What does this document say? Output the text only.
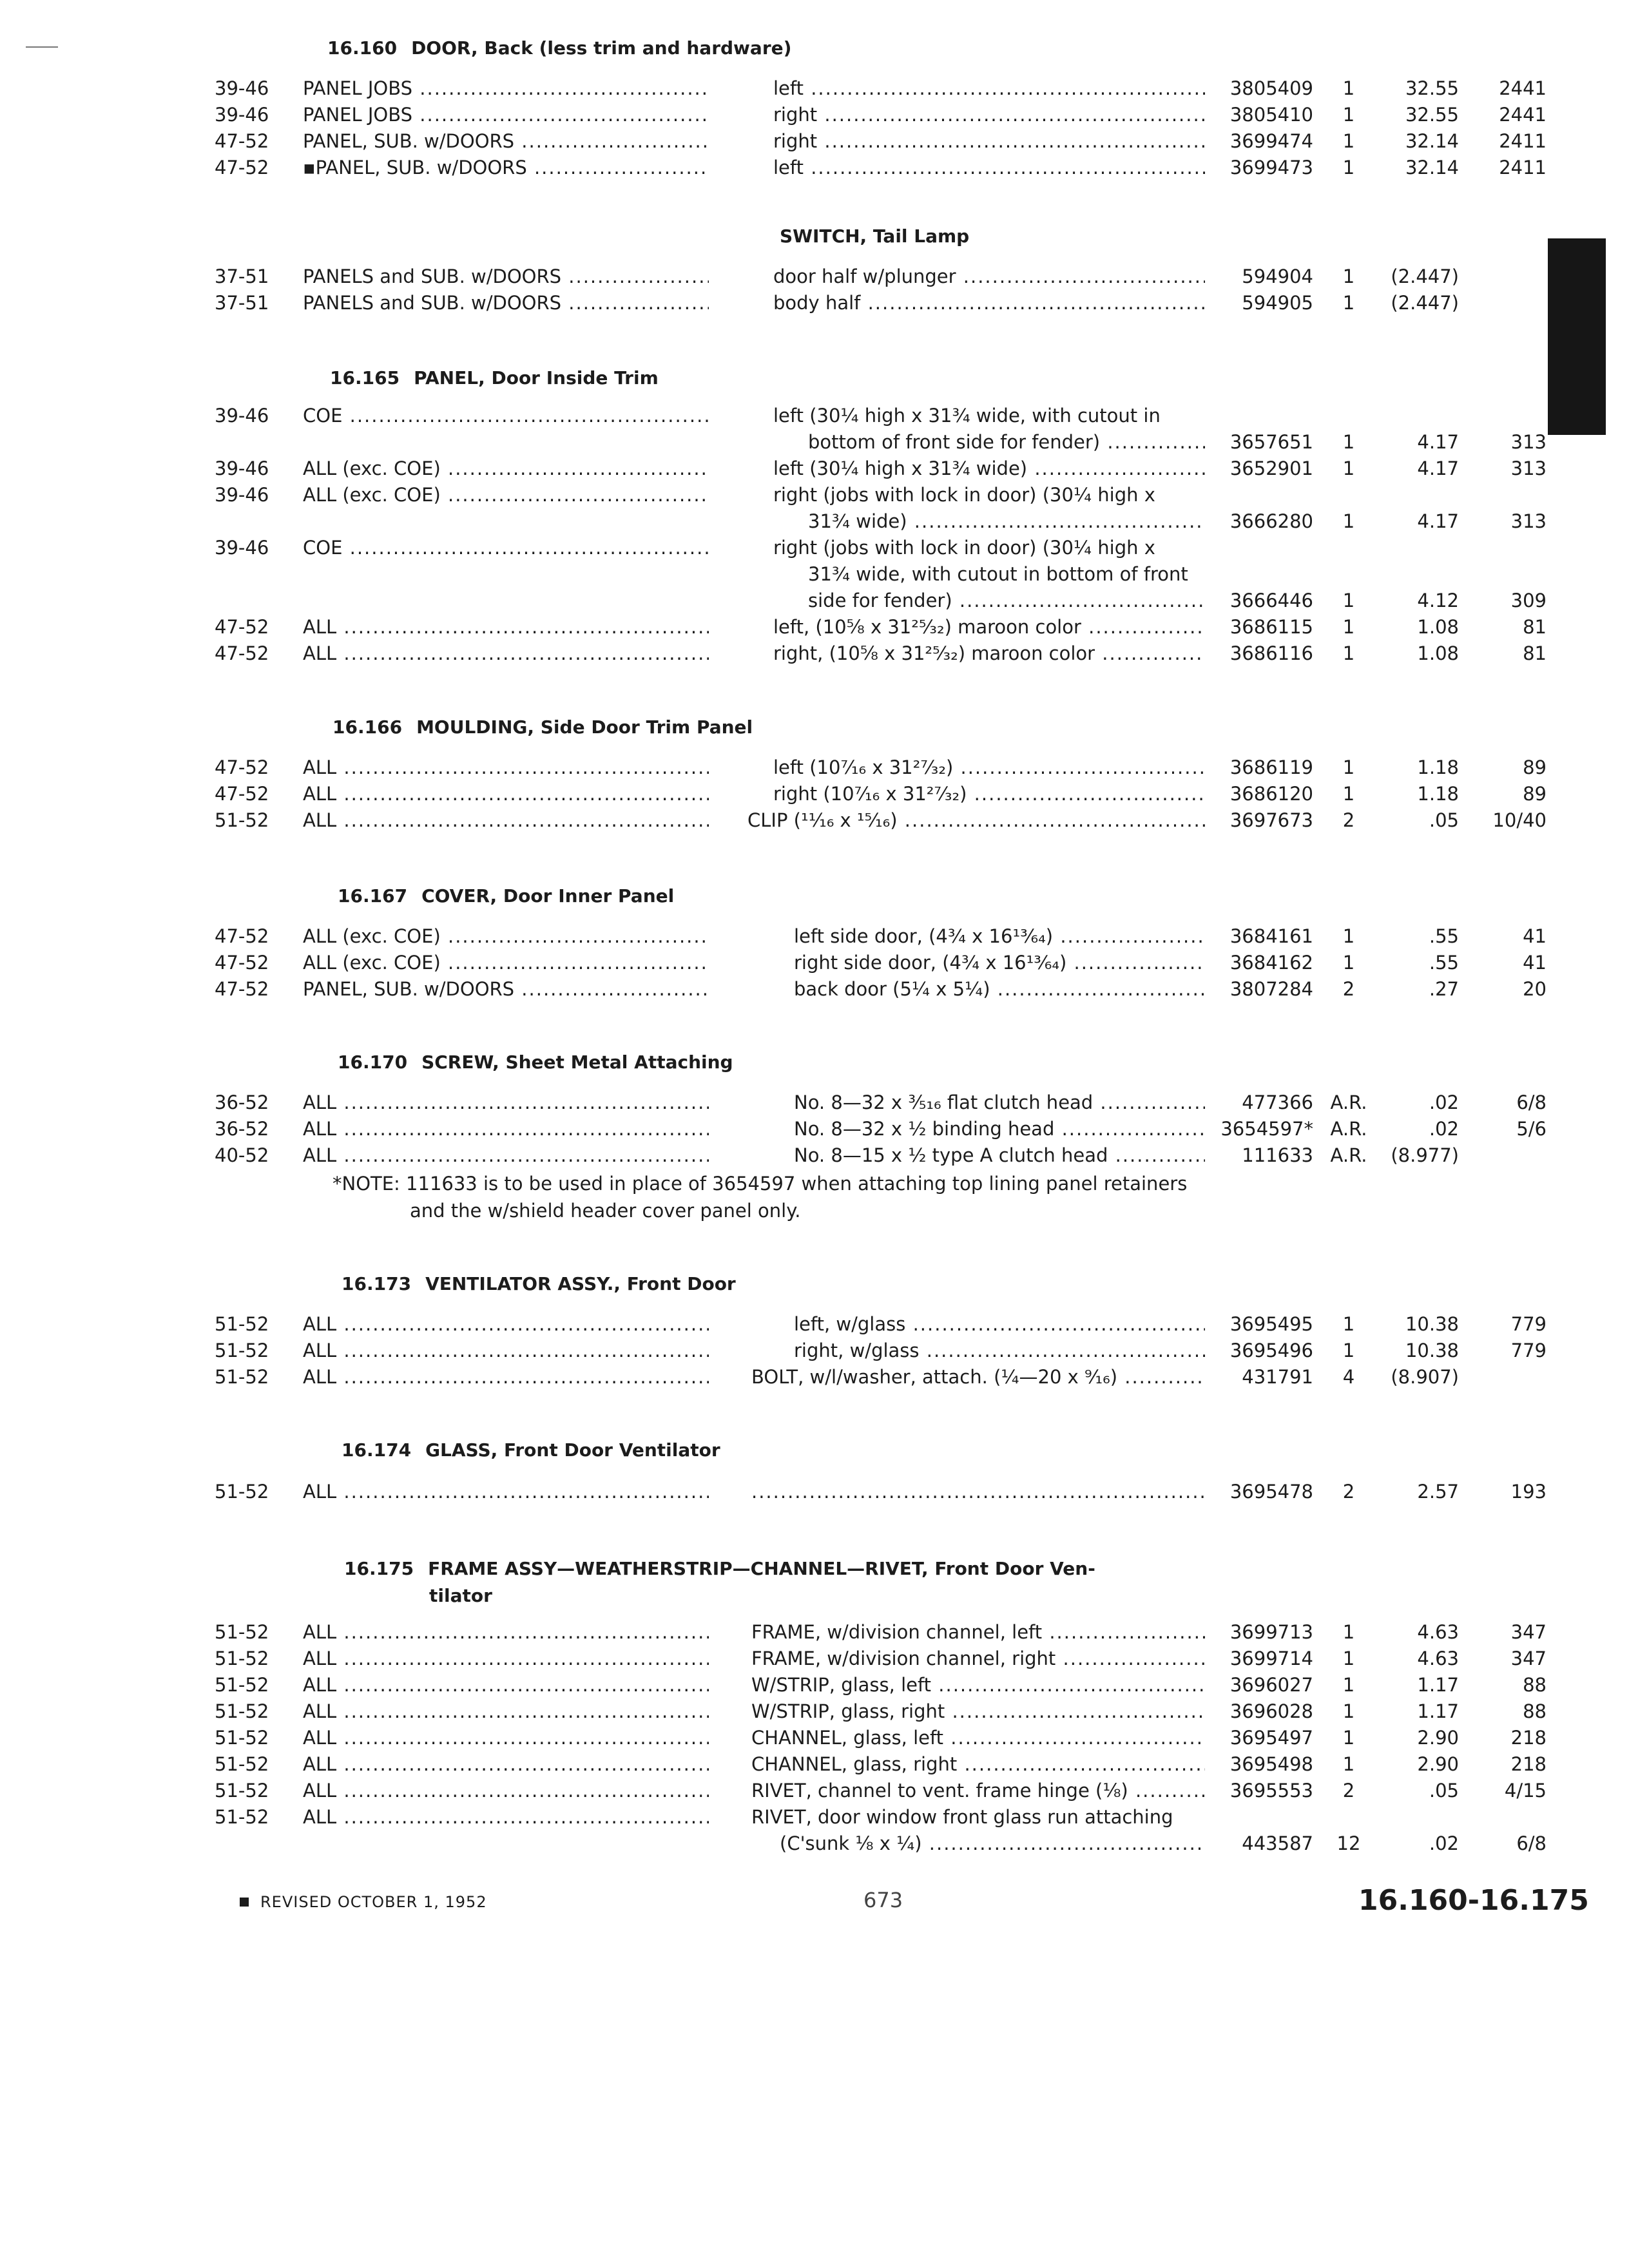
16.160 DOOR, Back (less trim and hardware)
39-46 PANEL JOBS .....	left .....	3805409	1	32.55	2441
39-46 PANEL JOBS .....	right .....	3805410	1	32.55	2441
47-52 PANEL, SUB. w/DOORS .....	right .....	3699474	1	32.14	2411
47-52 ▪PANEL, SUB. w/DOORS .....	left .....	3699473	1	32.14	2411
SWITCH, Tail Lamp
37-51 PANELS and SUB. w/DOORS .....	door half w/plunger .....	594904	1	(2.447)
37-51 PANELS and SUB. w/DOORS .....	body half .....	594905	1	(2.447)
16.165 PANEL, Door Inside Trim
39-46 COE .....	left (30¼ high x 31¾ wide, with cutout in
bottom of front side for fender) .....	3657651	1	4.17	313
39-46 ALL (exc. COE) .....	left (30¼ high x 31¾ wide) .....	3652901	1	4.17	313
39-46 ALL (exc. COE) .....	right (jobs with lock in door) (30¼ high x
31¾ wide) .....	3666280	1	4.17	313
39-46 COE .....	right (jobs with lock in door) (30¼ high x
31¾ wide, with cutout in bottom of front
side for fender) .....	3666446	1	4.12	309
47-52 ALL .....	left, (10⅝ x 31²⁵⁄₃₂) maroon color .....	3686115	1	1.08	81
47-52 ALL .....	right, (10⅝ x 31²⁵⁄₃₂) maroon color .....	3686116	1	1.08	81
16.166 MOULDING, Side Door Trim Panel
47-52 ALL .....	left (10⁷⁄₁₆ x 31²⁷⁄₃₂) .....	3686119	1	1.18	89
47-52 ALL .....	right (10⁷⁄₁₆ x 31²⁷⁄₃₂) .....	3686120	1	1.18	89
51-52 ALL .....	CLIP (¹¹⁄₁₆ x ¹⁵⁄₁₆) .....	3697673	2	.05	10/40
16.167 COVER, Door Inner Panel
47-52 ALL (exc. COE) .....	left side door, (4¾ x 16¹³⁄₆₄) .....	3684161	1	.55	41
47-52 ALL (exc. COE) .....	right side door, (4¾ x 16¹³⁄₆₄) .....	3684162	1	.55	41
47-52 PANEL, SUB. w/DOORS .....	back door (5¼ x 5¼) .....	3807284	2	.27	20
16.170 SCREW, Sheet Metal Attaching
36-52 ALL .....	No. 8—32 x ⅗₁₆ flat clutch head .....	477366 A.R.	.02	6/8
36-52 ALL .....	No. 8—32 x ½ binding head .....	3654597* A.R.	.02	5/6
40-52 ALL .....	No. 8—15 x ½ type A clutch head .....	111633 A.R.	(8.977)
*NOTE: 111633 is to be used in place of 3654597 when attaching top lining panel retainers
and the w/shield header cover panel only.
16.173 VENTILATOR ASSY., Front Door
51-52 ALL .....	left, w/glass .....	3695495	1	10.38	779
51-52 ALL .....	right, w/glass .....	3695496	1	10.38	779
51-52 ALL .....	BOLT, w/l/washer, attach. (¼—20 x ⁹⁄₁₆) .....	431791	4	(8.907)
16.174 GLASS, Front Door Ventilator
51-52 ALL .....
.....	3695478	2	2.57	193
16.175 FRAME ASSY—WEATHERSTRIP—CHANNEL—RIVET, Front Door Ven-
tilator
51-52 ALL .....	FRAME, w/division channel, left .....	3699713	1	4.63	347
51-52 ALL .....	FRAME, w/division channel, right .....	3699714	1	4.63	347
51-52 ALL .....	W/STRIP, glass, left .....	3696027	1	1.17	88
51-52 ALL .....	W/STRIP, glass, right .....	3696028	1	1.17	88
51-52 ALL .....	CHANNEL, glass, left .....	3695497	1	2.90	218
51-52 ALL .....	CHANNEL, glass, right .....	3695498	1	2.90	218
51-52 ALL .....	RIVET, channel to vent. frame hinge (⅛) .....	3695553	2	.05	4/15
51-52 ALL .....	RIVET, door window front glass run attaching
(C'sunk ⅛ x ¼) .....	443587	12	.02	6/8
REVISED OCTOBER 1, 1952	673	16.160-16.175
